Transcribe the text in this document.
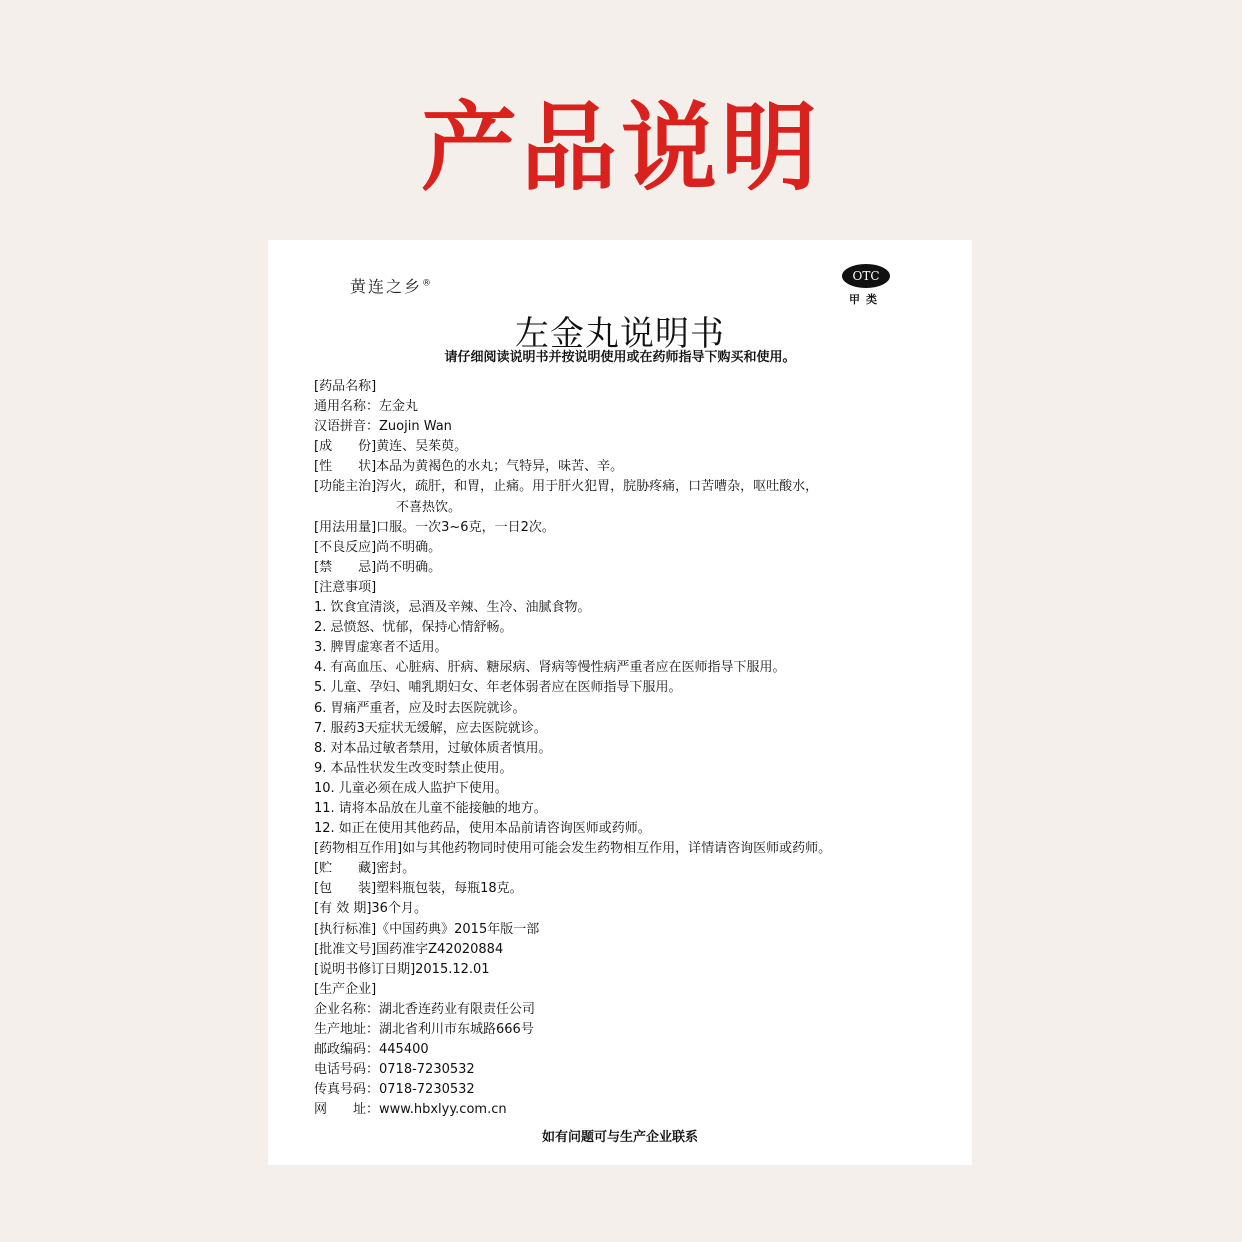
产品说明
黄连之乡®
OTC
甲类
左金丸说明书
请仔细阅读说明书并按说明使用或在药师指导下购买和使用。
[药品名称]
通用名称：左金丸
汉语拼音：Zuojin Wan
[成　　份]黄连、吴茱萸。
[性　　状]本品为黄褐色的水丸；气特异，味苦、辛。
[功能主治]泻火，疏肝，和胃，止痛。用于肝火犯胃，脘胁疼痛，口苦嘈杂，呕吐酸水，
不喜热饮。
[用法用量]口服。一次3~6克，一日2次。
[不良反应]尚不明确。
[禁　　忌]尚不明确。
[注意事项]
1. 饮食宜清淡，忌酒及辛辣、生冷、油腻食物。
2. 忌愤怒、忧郁，保持心情舒畅。
3. 脾胃虚寒者不适用。
4. 有高血压、心脏病、肝病、糖尿病、肾病等慢性病严重者应在医师指导下服用。
5. 儿童、孕妇、哺乳期妇女、年老体弱者应在医师指导下服用。
6. 胃痛严重者，应及时去医院就诊。
7. 服药3天症状无缓解，应去医院就诊。
8. 对本品过敏者禁用，过敏体质者慎用。
9. 本品性状发生改变时禁止使用。
10. 儿童必须在成人监护下使用。
11. 请将本品放在儿童不能接触的地方。
12. 如正在使用其他药品，使用本品前请咨询医师或药师。
[药物相互作用]如与其他药物同时使用可能会发生药物相互作用，详情请咨询医师或药师。
[贮　　藏]密封。
[包　　装]塑料瓶包装，每瓶18克。
[有 效 期]36个月。
[执行标准]《中国药典》2015年版一部
[批准文号]国药准字Z42020884
[说明书修订日期]2015.12.01
[生产企业]
企业名称：湖北香连药业有限责任公司
生产地址：湖北省利川市东城路666号
邮政编码：445400
电话号码：0718-7230532
传真号码：0718-7230532
网　　址：www.hbxlyy.com.cn
如有问题可与生产企业联系
